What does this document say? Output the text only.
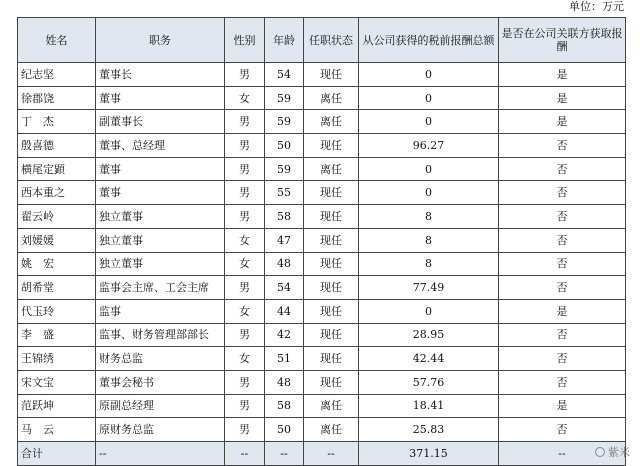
单位：万元
姓名	职务	性别	年龄	任职状态	从公司获得的税前报酬总额	是否在公司关联方获取报酬
纪志坚	董事长	男	54	现任	0	是
徐郡饶	董事	女	59	离任	0	是
丁　杰	副董事长	男	59	离任	0	是
殷喜德	董事、总经理	男	50	现任	96.27	否
横尾定顕	董事	男	59	离任	0	否
西本重之	董事	男	55	现任	0	否
翟云岭	独立董事	男	58	现任	8	否
刘媛媛	独立董事	女	47	现任	8	否
姚　宏	独立董事	女	48	现任	8	否
胡希堂	监事会主席、工会主席	男	54	现任	77.49	否
代玉玲	监事	女	44	现任	0	是
李　盛	监事、财务管理部部长	男	42	现任	28.95	否
王锦绣	财务总监	女	51	现任	42.44	否
宋文宝	董事会秘书	男	48	现任	57.76	否
范跃坤	原副总经理	男	58	离任	18.41	是
马　云	原财务总监	男	50	离任	25.83	否
合计	--	--	--	--	371.15	--	紫米
